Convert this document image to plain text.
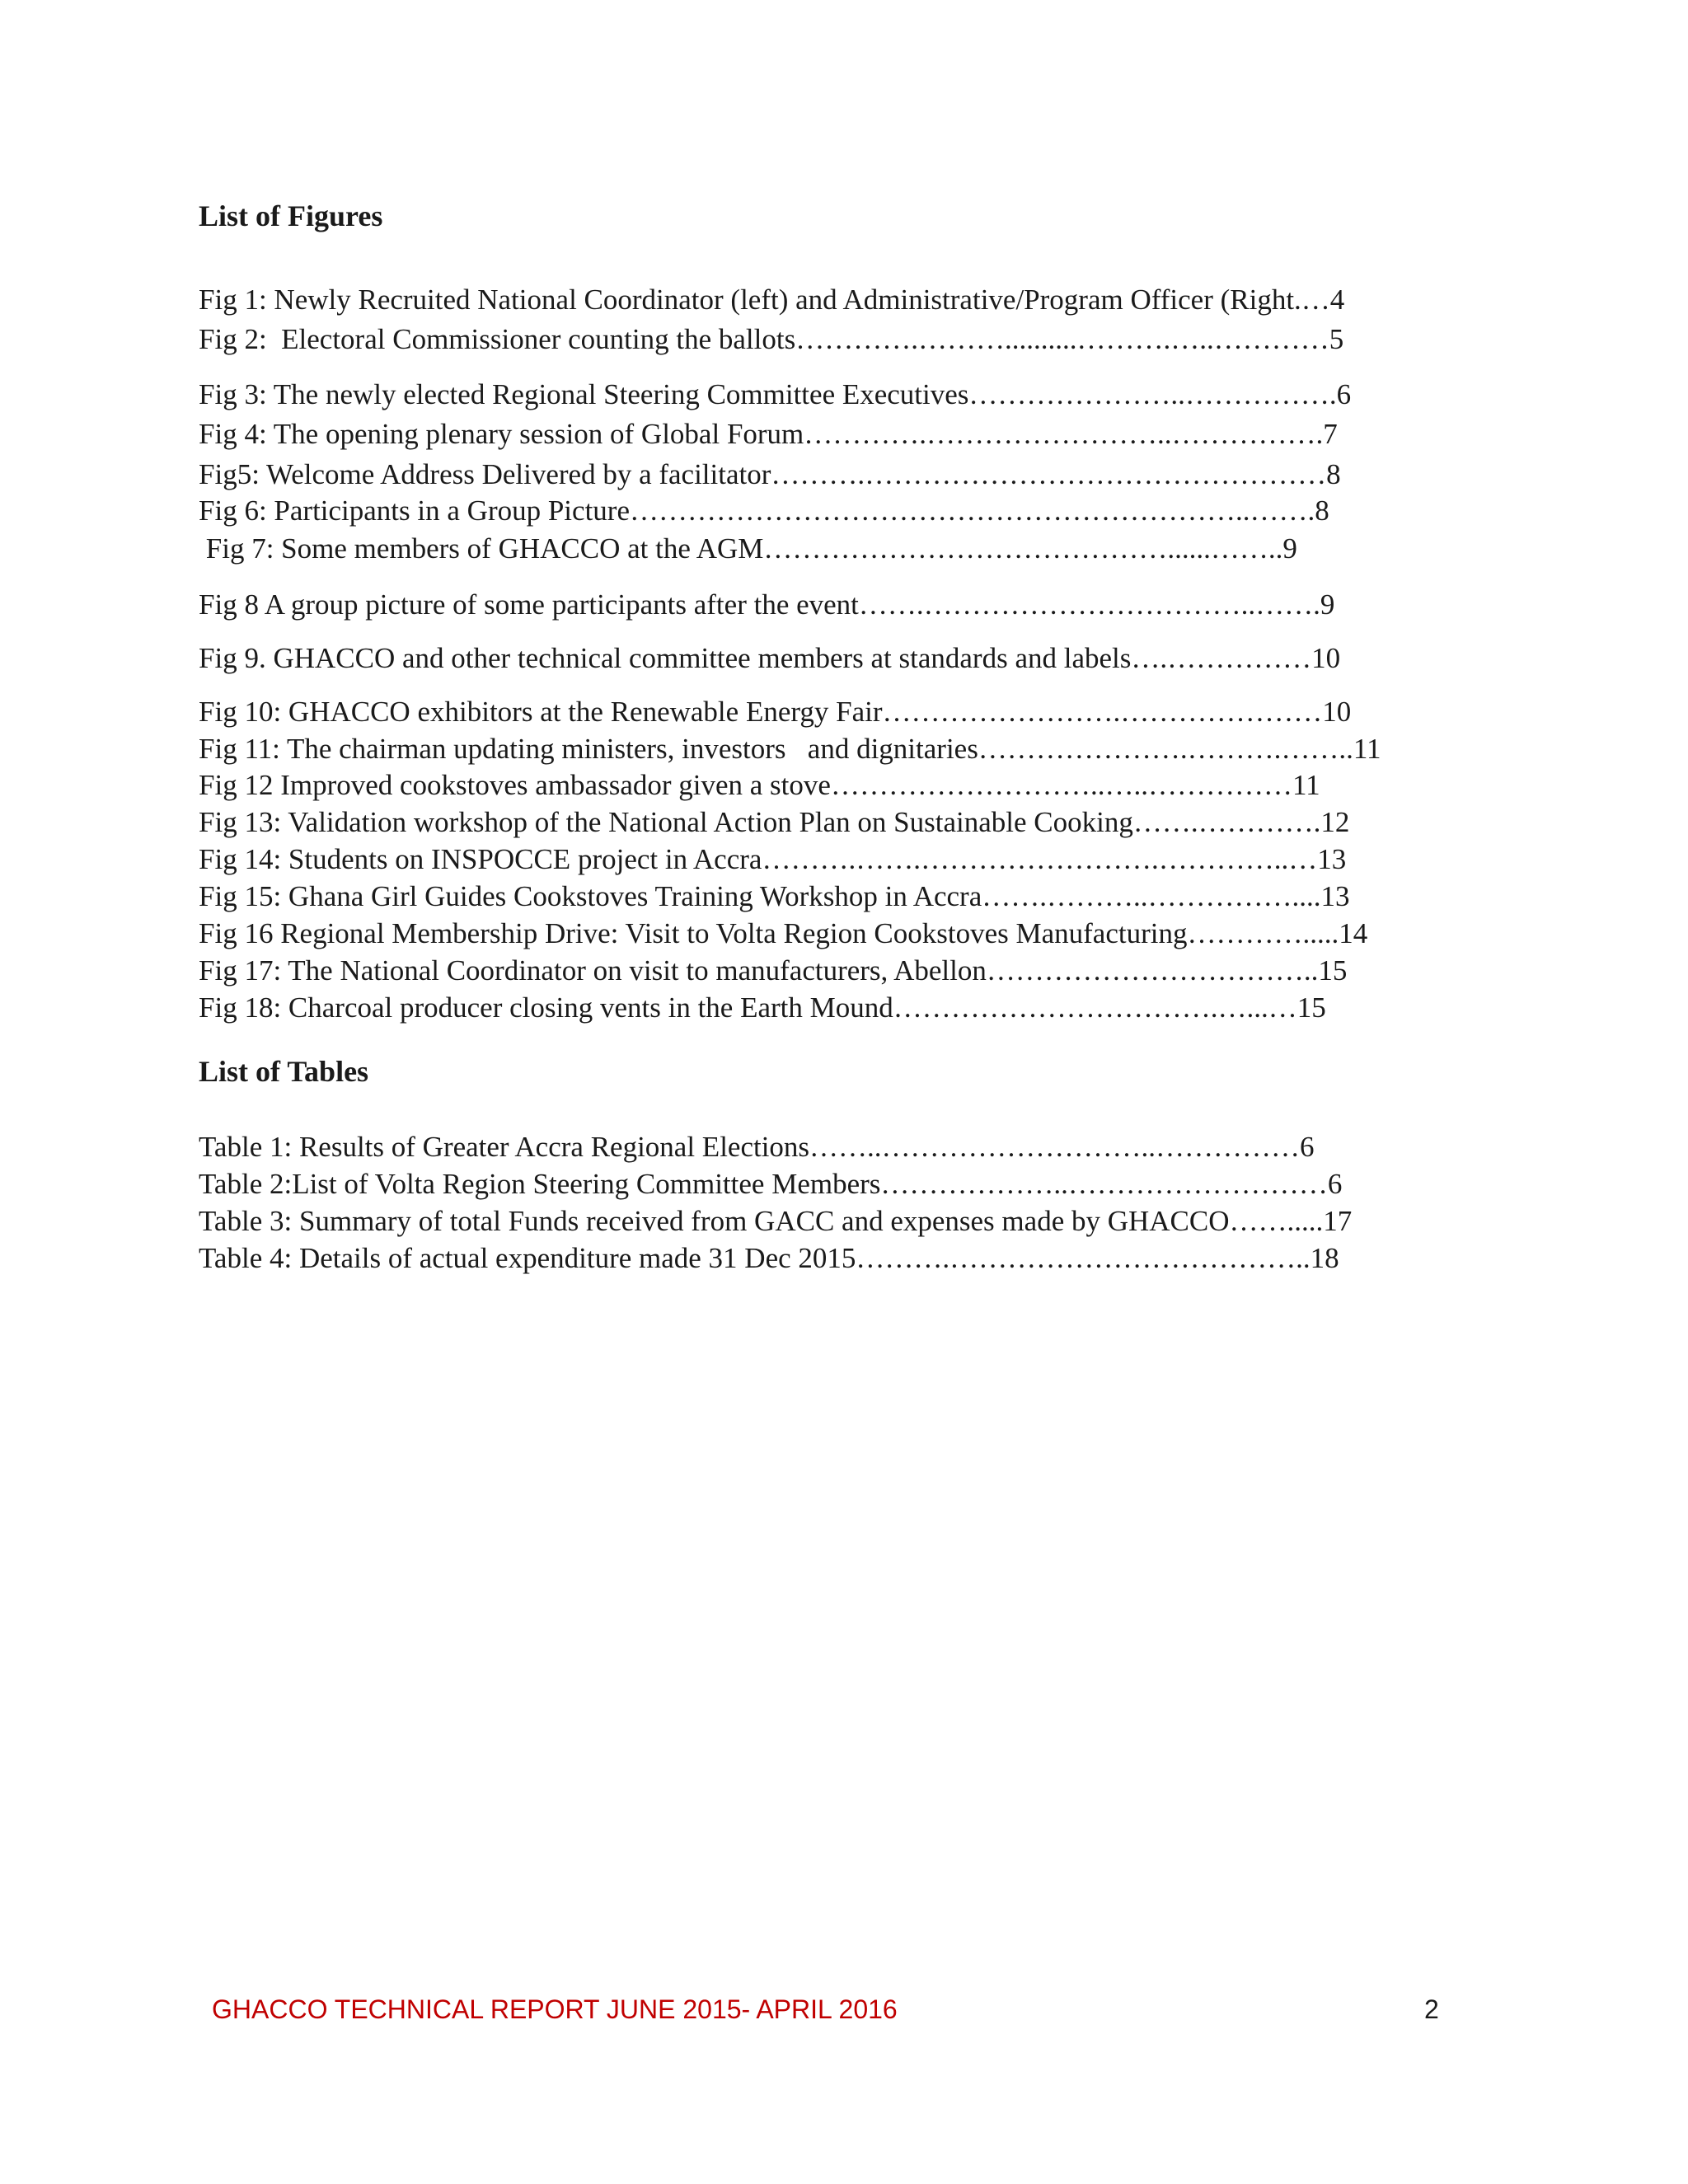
List of Figures
Fig 1: Newly Recruited National Coordinator (left) and Administrative/Program Officer (Right.…4
Fig 2:  Electoral Commissioner counting the ballots………….………..........……….…..…………5
Fig 3: The newly elected Regional Steering Committee Executives…………………..…………….6
Fig 4: The opening plenary session of Global Forum………….……………………..…………….7
Fig5: Welcome Address Delivered by a facilitator……….…………………………………………8
Fig 6: Participants in a Group Picture………………………………………………………..…….8
Fig 7: Some members of GHACCO at the AGM……………………………………......……..9
Fig 8 A group picture of some participants after the event…….……………………………..…….9
Fig 9. GHACCO and other technical committee members at standards and labels….……………10
Fig 10: GHACCO exhibitors at the Renewable Energy Fair…………………….…………………10
Fig 11: The chairman updating ministers, investors   and dignitaries………………….……….……..11
Fig 12 Improved cookstoves ambassador given a stove………………………..…..……………11
Fig 13: Validation workshop of the National Action Plan on Sustainable Cooking…….………….12
Fig 14: Students on INSPOCCE project in Accra……….…….…………………….…………..…13
Fig 15: Ghana Girl Guides Cookstoves Training Workshop in Accra…….………..……………....13
Fig 16 Regional Membership Drive: Visit to Volta Region Cookstoves Manufacturing………….....14
Fig 17: The National Coordinator on visit to manufacturers, Abellon……………………………..15
Fig 18: Charcoal producer closing vents in the Earth Mound…………………………….…...…15
List of Tables
Table 1: Results of Greater Accra Regional Elections……..………………………..……………6
Table 2:List of Volta Region Steering Committee Members………………..………………………6
Table 3: Summary of total Funds received from GACC and expenses made by GHACCO…….....17
Table 4: Details of actual expenditure made 31 Dec 2015……….………………………………..18
GHACCO TECHNICAL REPORT JUNE 2015- APRIL 2016	2
